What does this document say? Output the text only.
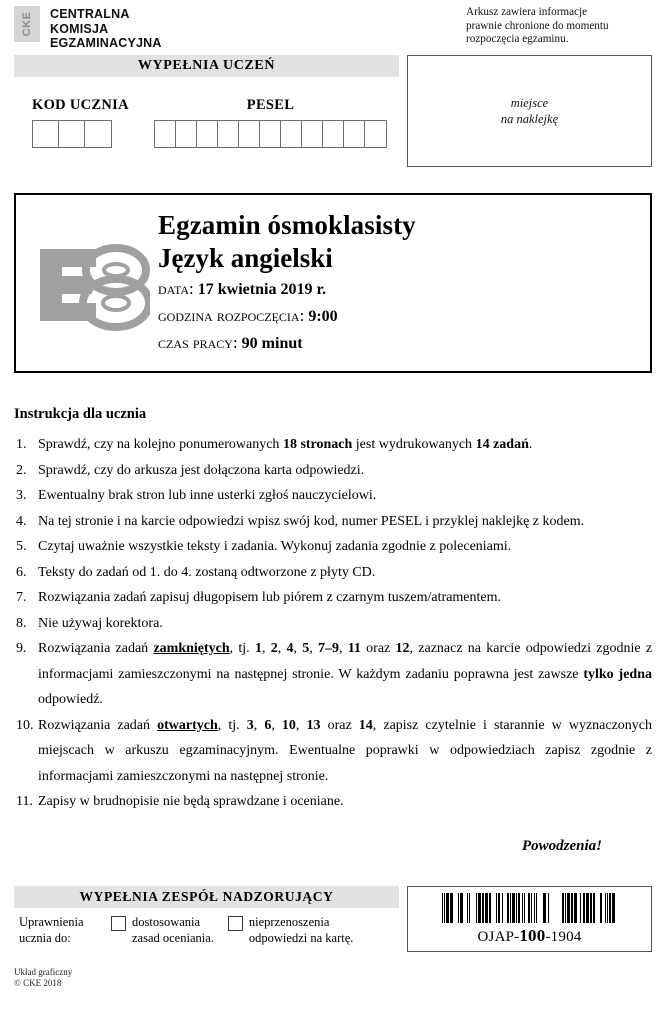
CKE CENTRALNA
KOMISJA
EGZAMINACYJNA
Arkusz zawiera informacje
prawnie chronione do momentu
rozpoczęcia egzaminu.
WYPEŁNIA UCZEŃ
KOD UCZNIA	PESEL	miejsce
na naklejkę
Egzamin ósmoklasisty
Język angielski
data: 17 kwietnia 2019 r.
godzina rozpoczęcia: 9:00
czas pracy: 90 minut
Instrukcja dla ucznia
1. Sprawdź, czy na kolejno ponumerowanych 18 stronach jest wydrukowanych 14 zadań.
2. Sprawdź, czy do arkusza jest dołączona karta odpowiedzi.
3. Ewentualny brak stron lub inne usterki zgłoś nauczycielowi.
4. Na tej stronie i na karcie odpowiedzi wpisz swój kod, numer PESEL i przyklej naklejkę z kodem.
5. Czytaj uważnie wszystkie teksty i zadania. Wykonuj zadania zgodnie z poleceniami.
6. Teksty do zadań od 1. do 4. zostaną odtworzone z płyty CD.
7. Rozwiązania zadań zapisuj długopisem lub piórem z czarnym tuszem/atramentem.
8. Nie używaj korektora.
9. Rozwiązania zadań zamkniętych, tj. 1, 2, 4, 5, 7–9, 11 oraz 12, zaznacz na karcie odpowiedzi zgodnie z informacjami zamieszczonymi na następnej stronie. W każdym zadaniu poprawna jest zawsze tylko jedna odpowiedź.
10. Rozwiązania zadań otwartych, tj. 3, 6, 10, 13 oraz 14, zapisz czytelnie i starannie w wyznaczonych miejscach w arkuszu egzaminacyjnym. Ewentualne poprawki w odpowiedziach zapisz zgodnie z informacjami zamieszczonymi na następnej stronie.
11. Zapisy w brudnopisie nie będą sprawdzane i oceniane.
Powodzenia!
WYPEŁNIA ZESPÓŁ NADZORUJĄCY
Uprawnienia
ucznia do:
dostosowania
zasad oceniania.
nieprzenoszenia
odpowiedzi na kartę.	OJAP-100-1904
Układ graficzny
© CKE 2018
